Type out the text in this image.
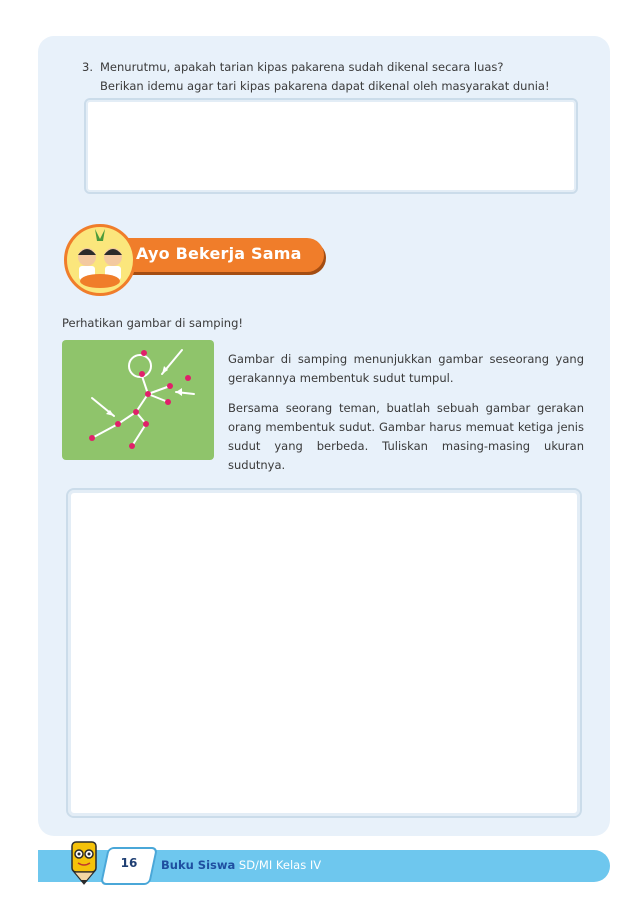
3. Menurutmu, apakah tarian kipas pakarena sudah dikenal secara luas?
Berikan idemu agar tari kipas pakarena dapat dikenal oleh masyarakat dunia!
Ayo Bekerja Sama
Perhatikan gambar di samping!

Gambar di samping menunjukkan gambar seseorang yang gerakannya membentuk sudut tumpul.

Bersama seorang teman, buatlah sebuah gambar gerakan orang membentuk sudut. Gambar harus memuat ketiga jenis sudut yang berbeda. Tuliskan masing-masing ukuran sudutnya.

16	Buku Siswa SD/MI Kelas IV
